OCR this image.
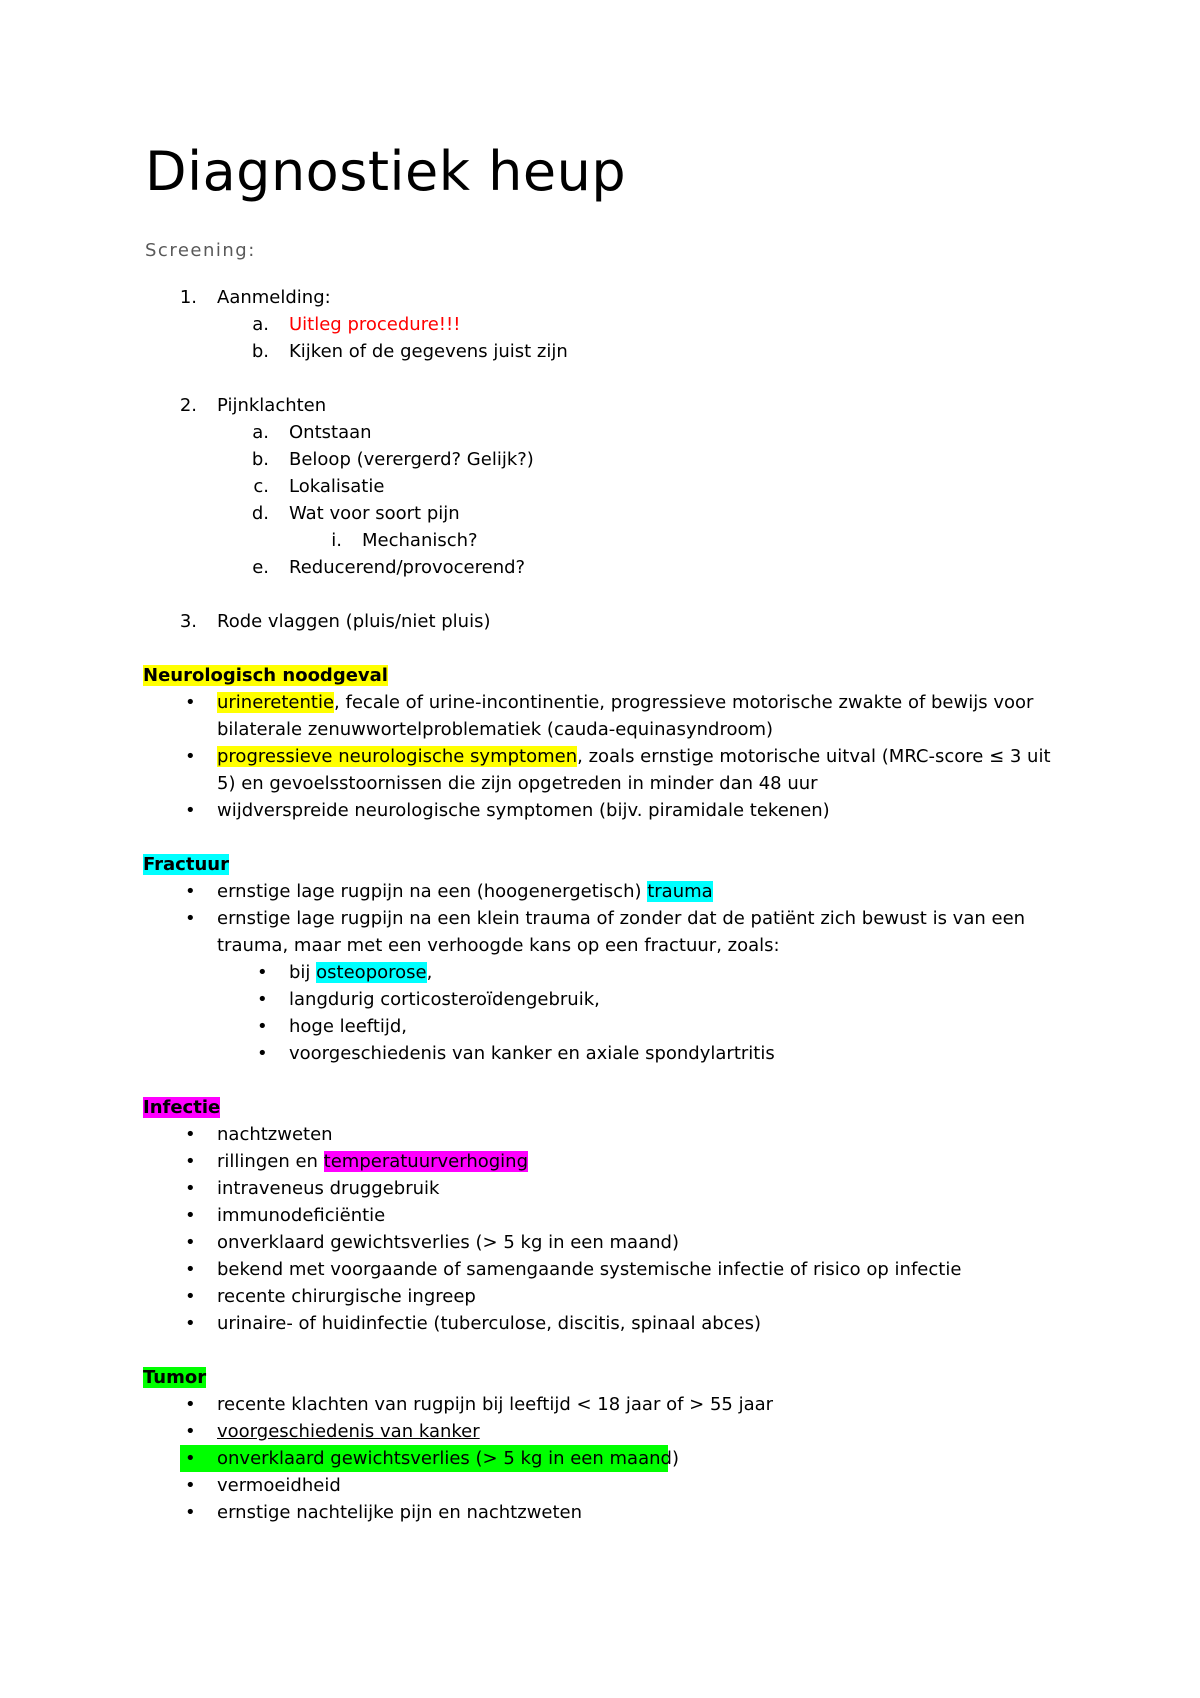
Diagnostiek heup
Screening:
1. Aanmelding:
a. Uitleg procedure!!!
b. Kijken of de gegevens juist zijn
2. Pijnklachten
a. Ontstaan
b. Beloop (verergerd? Gelijk?)
c. Lokalisatie
d. Wat voor soort pijn
i. Mechanisch?
e. Reducerend/provocerend?
3. Rode vlaggen (pluis/niet pluis)
Neurologisch noodgeval
• urineretentie, fecale of urine-incontinentie, progressieve motorische zwakte of bewijs voor
bilaterale zenuwwortelproblematiek (cauda-equinasyndroom)
• progressieve neurologische symptomen, zoals ernstige motorische uitval (MRC-score ≤ 3 uit
5) en gevoelsstoornissen die zijn opgetreden in minder dan 48 uur
• wijdverspreide neurologische symptomen (bijv. piramidale tekenen)
Fractuur
• ernstige lage rugpijn na een (hoogenergetisch) trauma
• ernstige lage rugpijn na een klein trauma of zonder dat de patiënt zich bewust is van een
trauma, maar met een verhoogde kans op een fractuur, zoals:
• bij osteoporose,
• langdurig corticosteroïdengebruik,
• hoge leeftijd,
• voorgeschiedenis van kanker en axiale spondylartritis
Infectie
• nachtzweten
• rillingen en temperatuurverhoging
• intraveneus druggebruik
• immunodeficiëntie
• onverklaard gewichtsverlies (> 5 kg in een maand)
• bekend met voorgaande of samengaande systemische infectie of risico op infectie
• recente chirurgische ingreep
• urinaire- of huidinfectie (tuberculose, discitis, spinaal abces)
Tumor
• recente klachten van rugpijn bij leeftijd < 18 jaar of > 55 jaar
• voorgeschiedenis van kanker
• onverklaard gewichtsverlies (> 5 kg in een maand)
• vermoeidheid
• ernstige nachtelijke pijn en nachtzweten
